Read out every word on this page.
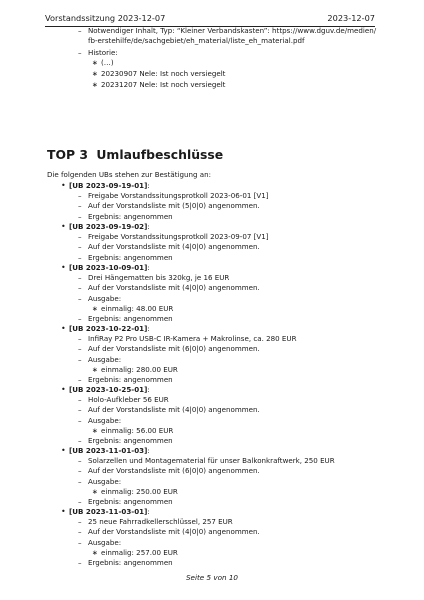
Vorstandssitzung 2023-12-07	2023-12-07
– Notwendiger Inhalt, Typ: “Kleiner Verbandskasten”: https://www.dguv.de/medien/
fb-erstehilfe/de/sachgebiet/eh_material/liste_eh_material.pdf
– Historie:
∗ (…)
∗ 20230907 Nele: Ist noch versiegelt
∗ 20231207 Nele: Ist noch versiegelt
TOP 3 Umlaufbeschlüsse
Die folgenden UBs stehen zur Bestätigung an:
• [UB 2023-09-19-01]:
– Freigabe Vorstandssitungsprotkoll 2023-06-01 [V1]
– Auf der Vorstandsliste mit (5|0|0) angenommen.
– Ergebnis: angenommen
• [UB 2023-09-19-02]:
– Freigabe Vorstandssitungsprotkoll 2023-09-07 [V1]
– Auf der Vorstandsliste mit (4|0|0) angenommen.
– Ergebnis: angenommen
• [UB 2023-10-09-01]:
– Drei Hängematten bis 320kg, je 16 EUR
– Auf der Vorstandsliste mit (4|0|0) angenommen.
– Ausgabe:
∗ einmalig: 48.00 EUR
– Ergebnis: angenommen
• [UB 2023-10-22-01]:
– InfiRay P2 Pro USB-C IR-Kamera + Makrolinse, ca. 280 EUR
– Auf der Vorstandsliste mit (6|0|0) angenommen.
– Ausgabe:
∗ einmalig: 280.00 EUR
– Ergebnis: angenommen
• [UB 2023-10-25-01]:
– Holo-Aufkleber 56 EUR
– Auf der Vorstandsliste mit (4|0|0) angenommen.
– Ausgabe:
∗ einmalig: 56.00 EUR
– Ergebnis: angenommen
• [UB 2023-11-01-03]:
– Solarzellen und Montagematerial für unser Balkonkraftwerk, 250 EUR
– Auf der Vorstandsliste mit (6|0|0) angenommen.
– Ausgabe:
∗ einmalig: 250.00 EUR
– Ergebnis: angenommen
• [UB 2023-11-03-01]:
– 25 neue Fahrradkellerschlüssel, 257 EUR
– Auf der Vorstandsliste mit (4|0|0) angenommen.
– Ausgabe:
∗ einmalig: 257.00 EUR
– Ergebnis: angenommen
Seite 5 von 10
